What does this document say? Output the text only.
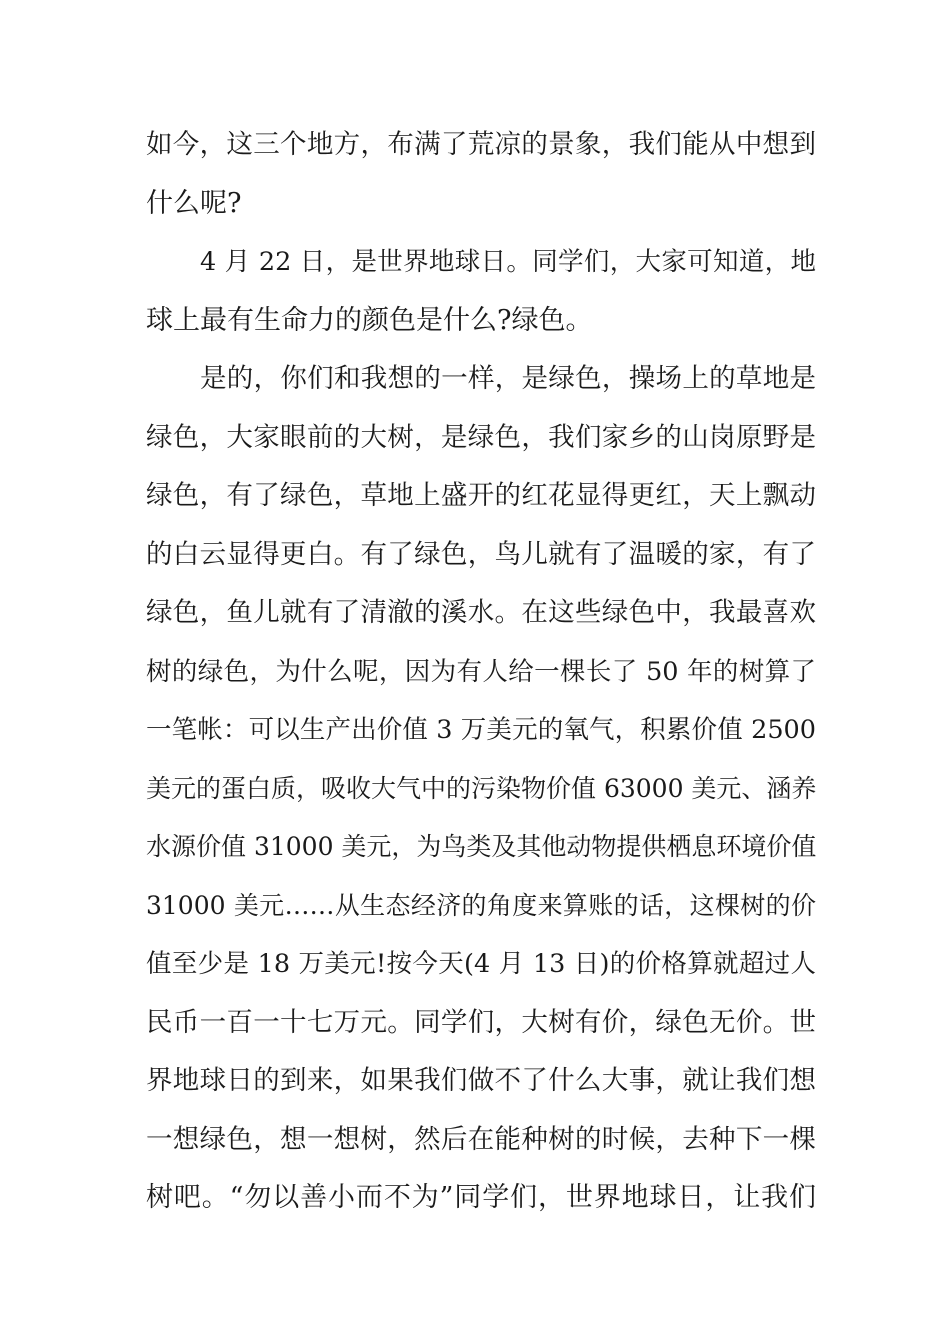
如今，这三个地方，布满了荒凉的景象，我们能从中想到
什么呢?
4 月 22 日，是世界地球日。同学们，大家可知道，地
球上最有生命力的颜色是什么?绿色。
是的，你们和我想的一样，是绿色，操场上的草地是
绿色，大家眼前的大树，是绿色，我们家乡的山岗原野是
绿色，有了绿色，草地上盛开的红花显得更红，天上飘动
的白云显得更白。有了绿色，鸟儿就有了温暖的家，有了
绿色，鱼儿就有了清澈的溪水。在这些绿色中，我最喜欢
树的绿色，为什么呢，因为有人给一棵长了 50 年的树算了
一笔帐：可以生产出价值 3 万美元的氧气，积累价值 2500
美元的蛋白质，吸收大气中的污染物价值 63000 美元、涵养
水源价值 31000 美元，为鸟类及其他动物提供栖息环境价值
31000 美元……从生态经济的角度来算账的话，这棵树的价
值至少是 18 万美元!按今天(4 月 13 日)的价格算就超过人
民币一百一十七万元。同学们，大树有价，绿色无价。世
界地球日的到来，如果我们做不了什么大事，就让我们想
一想绿色，想一想树，然后在能种树的时候，去种下一棵
树吧。“勿以善小而不为”同学们，世界地球日，让我们
